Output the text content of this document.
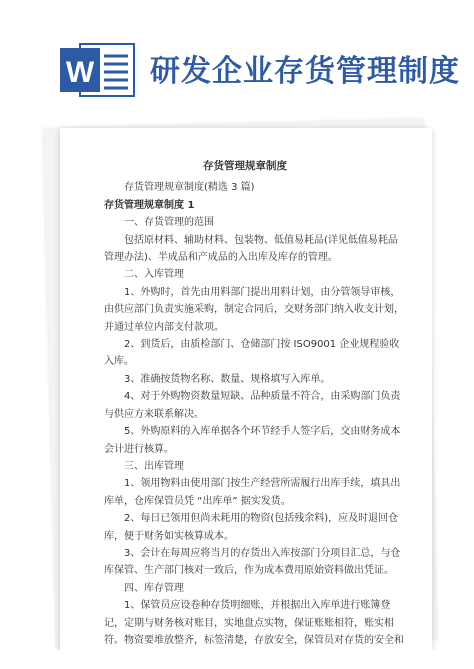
W 研发企业存货管理制度
存货管理规章制度

存货管理规章制度(精选 3 篇)

存货管理规章制度 1

一、存货管理的范围

包括原材料、辅助材料、包装物、低值易耗品(详见低值易耗品管理办法)、半成品和产成品的入出库及库存的管理。

二、入库管理

1、外购时，首先由用料部门提出用料计划，由分管领导审核，由供应部门负责实施采购，制定合同后，交财务部门纳入收支计划，并通过单位内部支付款项。

2、到货后，由质检部门、仓储部门按 ISO9001 企业规程验收入库。

3、准确按货物名称、数量、规格填写入库单。

4、对于外购物资数量短缺、品种质量不符合，由采购部门负责与供应方来联系解决。

5、外购原料的入库单据各个环节经手人签字后，交由财务成本会计进行核算。

三、出库管理

1、领用物料由使用部门按生产经营所需履行出库手续，填具出库单，仓库保管员凭 “出库单” 据实发货。

2、每日已领用但尚未耗用的物资(包括残余料)，应及时退回仓库，便于财务如实核算成本。

3、会计在每周应将当月的存货出入库按部门分项目汇总，与仓库保管、生产部门核对一致后，作为成本费用原始资料做出凭证。

四、库存管理

1、保管员应设卷种存货明细账，并根据出入库单进行账簿登记，定期与财务核对账目，实地盘点实物，保证账账相符，账实相符。物资要堆放整齐，标签清楚，存放安全，保管员对存货的安全和
